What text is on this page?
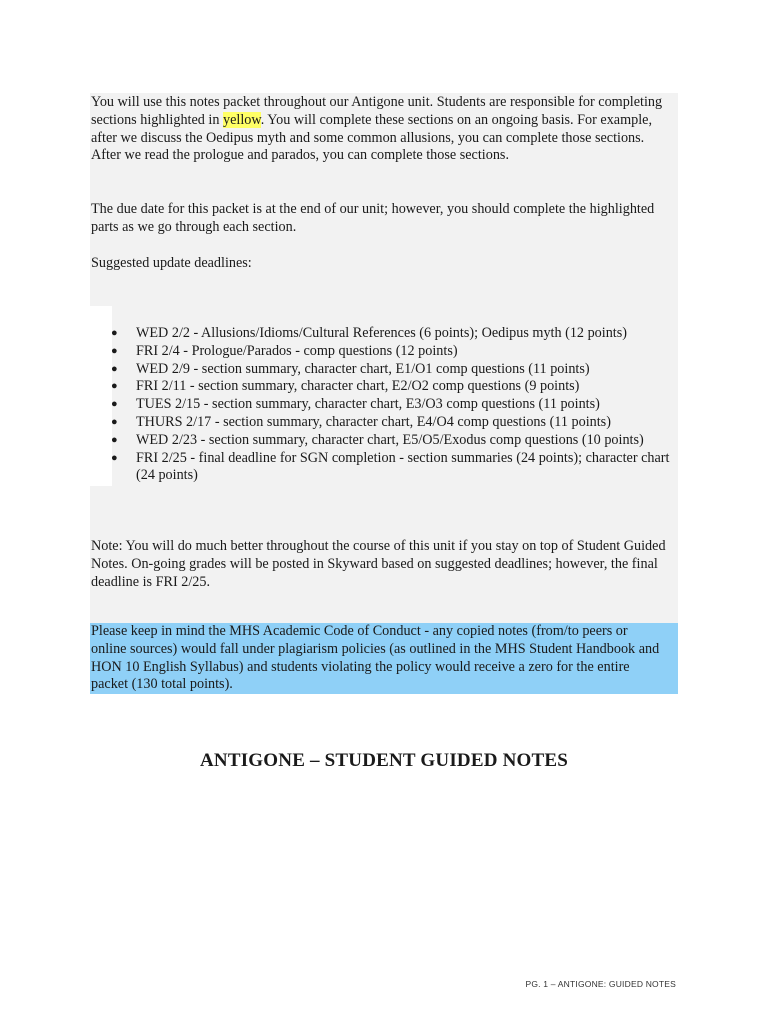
You will use this notes packet throughout our Antigone unit. Students are responsible for completing sections highlighted in yellow. You will complete these sections on an ongoing basis. For example, after we discuss the Oedipus myth and some common allusions, you can complete those sections. After we read the prologue and parados, you can complete those sections.

The due date for this packet is at the end of our unit; however, you should complete the highlighted parts as we go through each section.

Suggested update deadlines:

● WED 2/2 - Allusions/Idioms/Cultural References (6 points); Oedipus myth (12 points)
● FRI 2/4 - Prologue/Parados - comp questions (12 points)
● WED 2/9 - section summary, character chart, E1/O1 comp questions (11 points)
● FRI 2/11 - section summary, character chart, E2/O2 comp questions (9 points)
● TUES 2/15 - section summary, character chart, E3/O3 comp questions (11 points)
● THURS 2/17 - section summary, character chart, E4/O4 comp questions (11 points)
● WED 2/23 - section summary, character chart, E5/O5/Exodus comp questions (10 points)
● FRI 2/25 - final deadline for SGN completion - section summaries (24 points); character chart (24 points)

Note: You will do much better throughout the course of this unit if you stay on top of Student Guided Notes. On-going grades will be posted in Skyward based on suggested deadlines; however, the final deadline is FRI 2/25.

Please keep in mind the MHS Academic Code of Conduct - any copied notes (from/to peers or online sources) would fall under plagiarism policies (as outlined in the MHS Student Handbook and HON 10 English Syllabus) and students violating the policy would receive a zero for the entire packet (130 total points).

ANTIGONE – STUDENT GUIDED NOTES
PG. 1 – ANTIGONE: GUIDED NOTES
